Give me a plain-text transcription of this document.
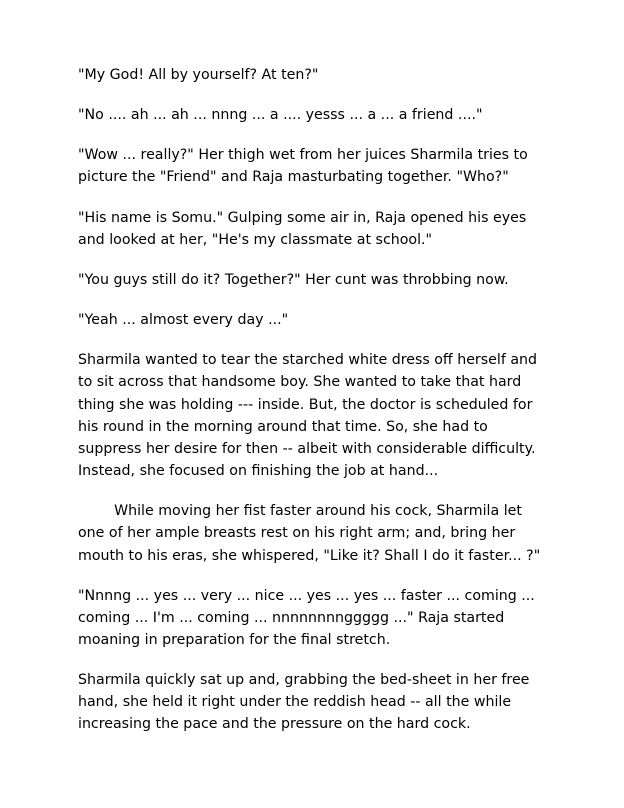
"My God! All by yourself? At ten?"

"No .... ah ... ah ... nnng ... a .... yesss ... a ... a friend ...."

"Wow ... really?" Her thigh wet from her juices Sharmila tries to picture the "Friend" and Raja masturbating together. "Who?"

"His name is Somu." Gulping some air in, Raja opened his eyes and looked at her, "He's my classmate at school."

"You guys still do it? Together?" Her cunt was throbbing now.

"Yeah ... almost every day ..."

Sharmila wanted to tear the starched white dress off herself and to sit across that handsome boy. She wanted to take that hard thing she was holding --- inside. But, the doctor is scheduled for his round in the morning around that time. So, she had to suppress her desire for then -- albeit with considerable difficulty. Instead, she focused on finishing the job at hand...

While moving her fist faster around his cock, Sharmila let one of her ample breasts rest on his right arm; and, bring her mouth to his eras, she whispered, "Like it? Shall I do it faster... ?"

"Nnnng ... yes ... very ... nice ... yes ... yes ... faster ... coming ... coming ... I'm ... coming ... nnnnnnnnggggg ..." Raja started moaning in preparation for the final stretch.

Sharmila quickly sat up and, grabbing the bed-sheet in her free hand, she held it right under the reddish head -- all the while increasing the pace and the pressure on the hard cock.
